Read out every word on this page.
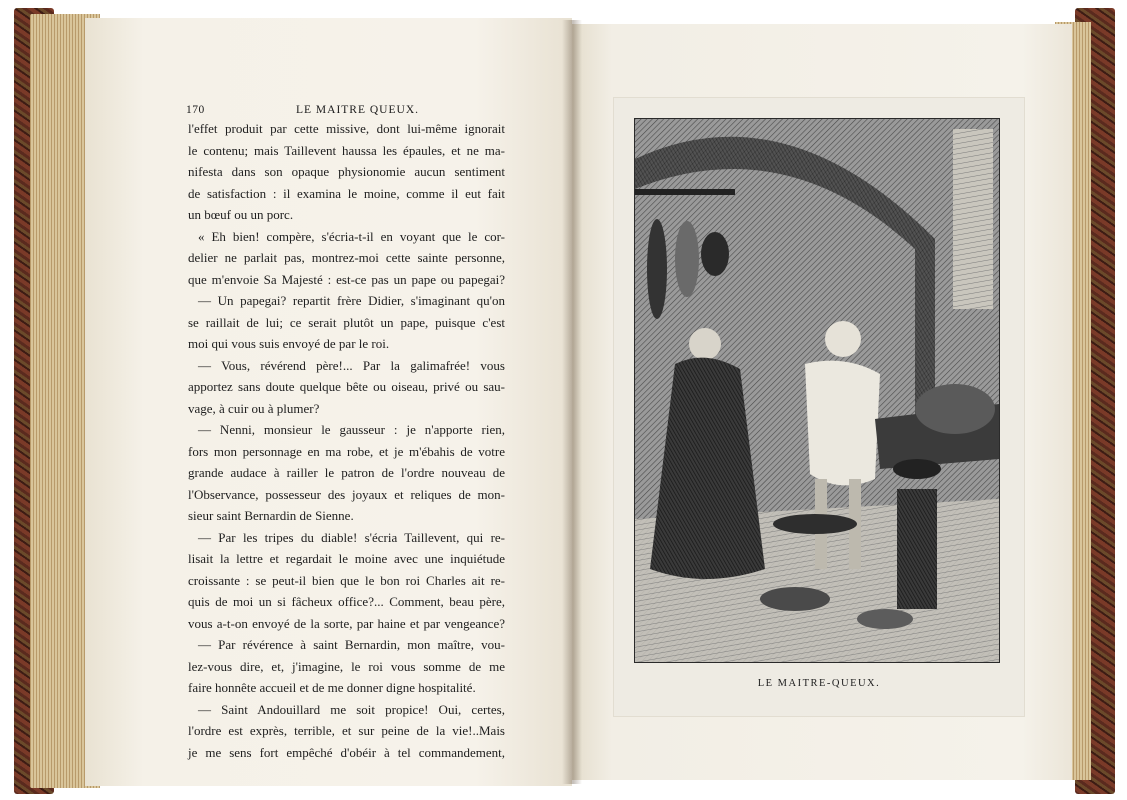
170	LE MAITRE QUEUX.
l'effet produit par cette missive, dont lui-même ignorait
le contenu; mais Taillevent haussa les épaules, et ne ma-
nifesta dans son opaque physionomie aucun sentiment
de satisfaction : il examina le moine, comme il eut fait
un bœuf ou un porc.
« Eh bien! compère, s'écria-t-il en voyant que le cor-
delier ne parlait pas, montrez-moi cette sainte personne,
que m'envoie Sa Majesté : est-ce pas un pape ou papegai?
— Un papegai? repartit frère Didier, s'imaginant qu'on
se raillait de lui; ce serait plutôt un pape, puisque c'est
moi qui vous suis envoyé de par le roi.
— Vous, révérend père!... Par la galimafrée! vous
apportez sans doute quelque bête ou oiseau, privé ou sau-
vage, à cuir ou à plumer?
— Nenni, monsieur le gausseur : je n'apporte rien,
fors mon personnage en ma robe, et je m'ébahis de votre
grande audace à railler le patron de l'ordre nouveau de
l'Observance, possesseur des joyaux et reliques de mon-
sieur saint Bernardin de Sienne.
— Par les tripes du diable! s'écria Taillevent, qui re-
lisait la lettre et regardait le moine avec une inquiétude
croissante : se peut-il bien que le bon roi Charles ait re-
quis de moi un si fâcheux office?... Comment, beau père,
vous a-t-on envoyé de la sorte, par haine et par vengeance?
— Par révérence à saint Bernardin, mon maître, vou-
lez-vous dire, et, j'imagine, le roi vous somme de me
faire honnête accueil et de me donner digne hospitalité.
— Saint Andouillard me soit propice! Oui, certes,
l'ordre est exprès, terrible, et sur peine de la vie!..Mais
je me sens fort empêché d'obéir à tel commandement,
LE MAITRE-QUEUX.
